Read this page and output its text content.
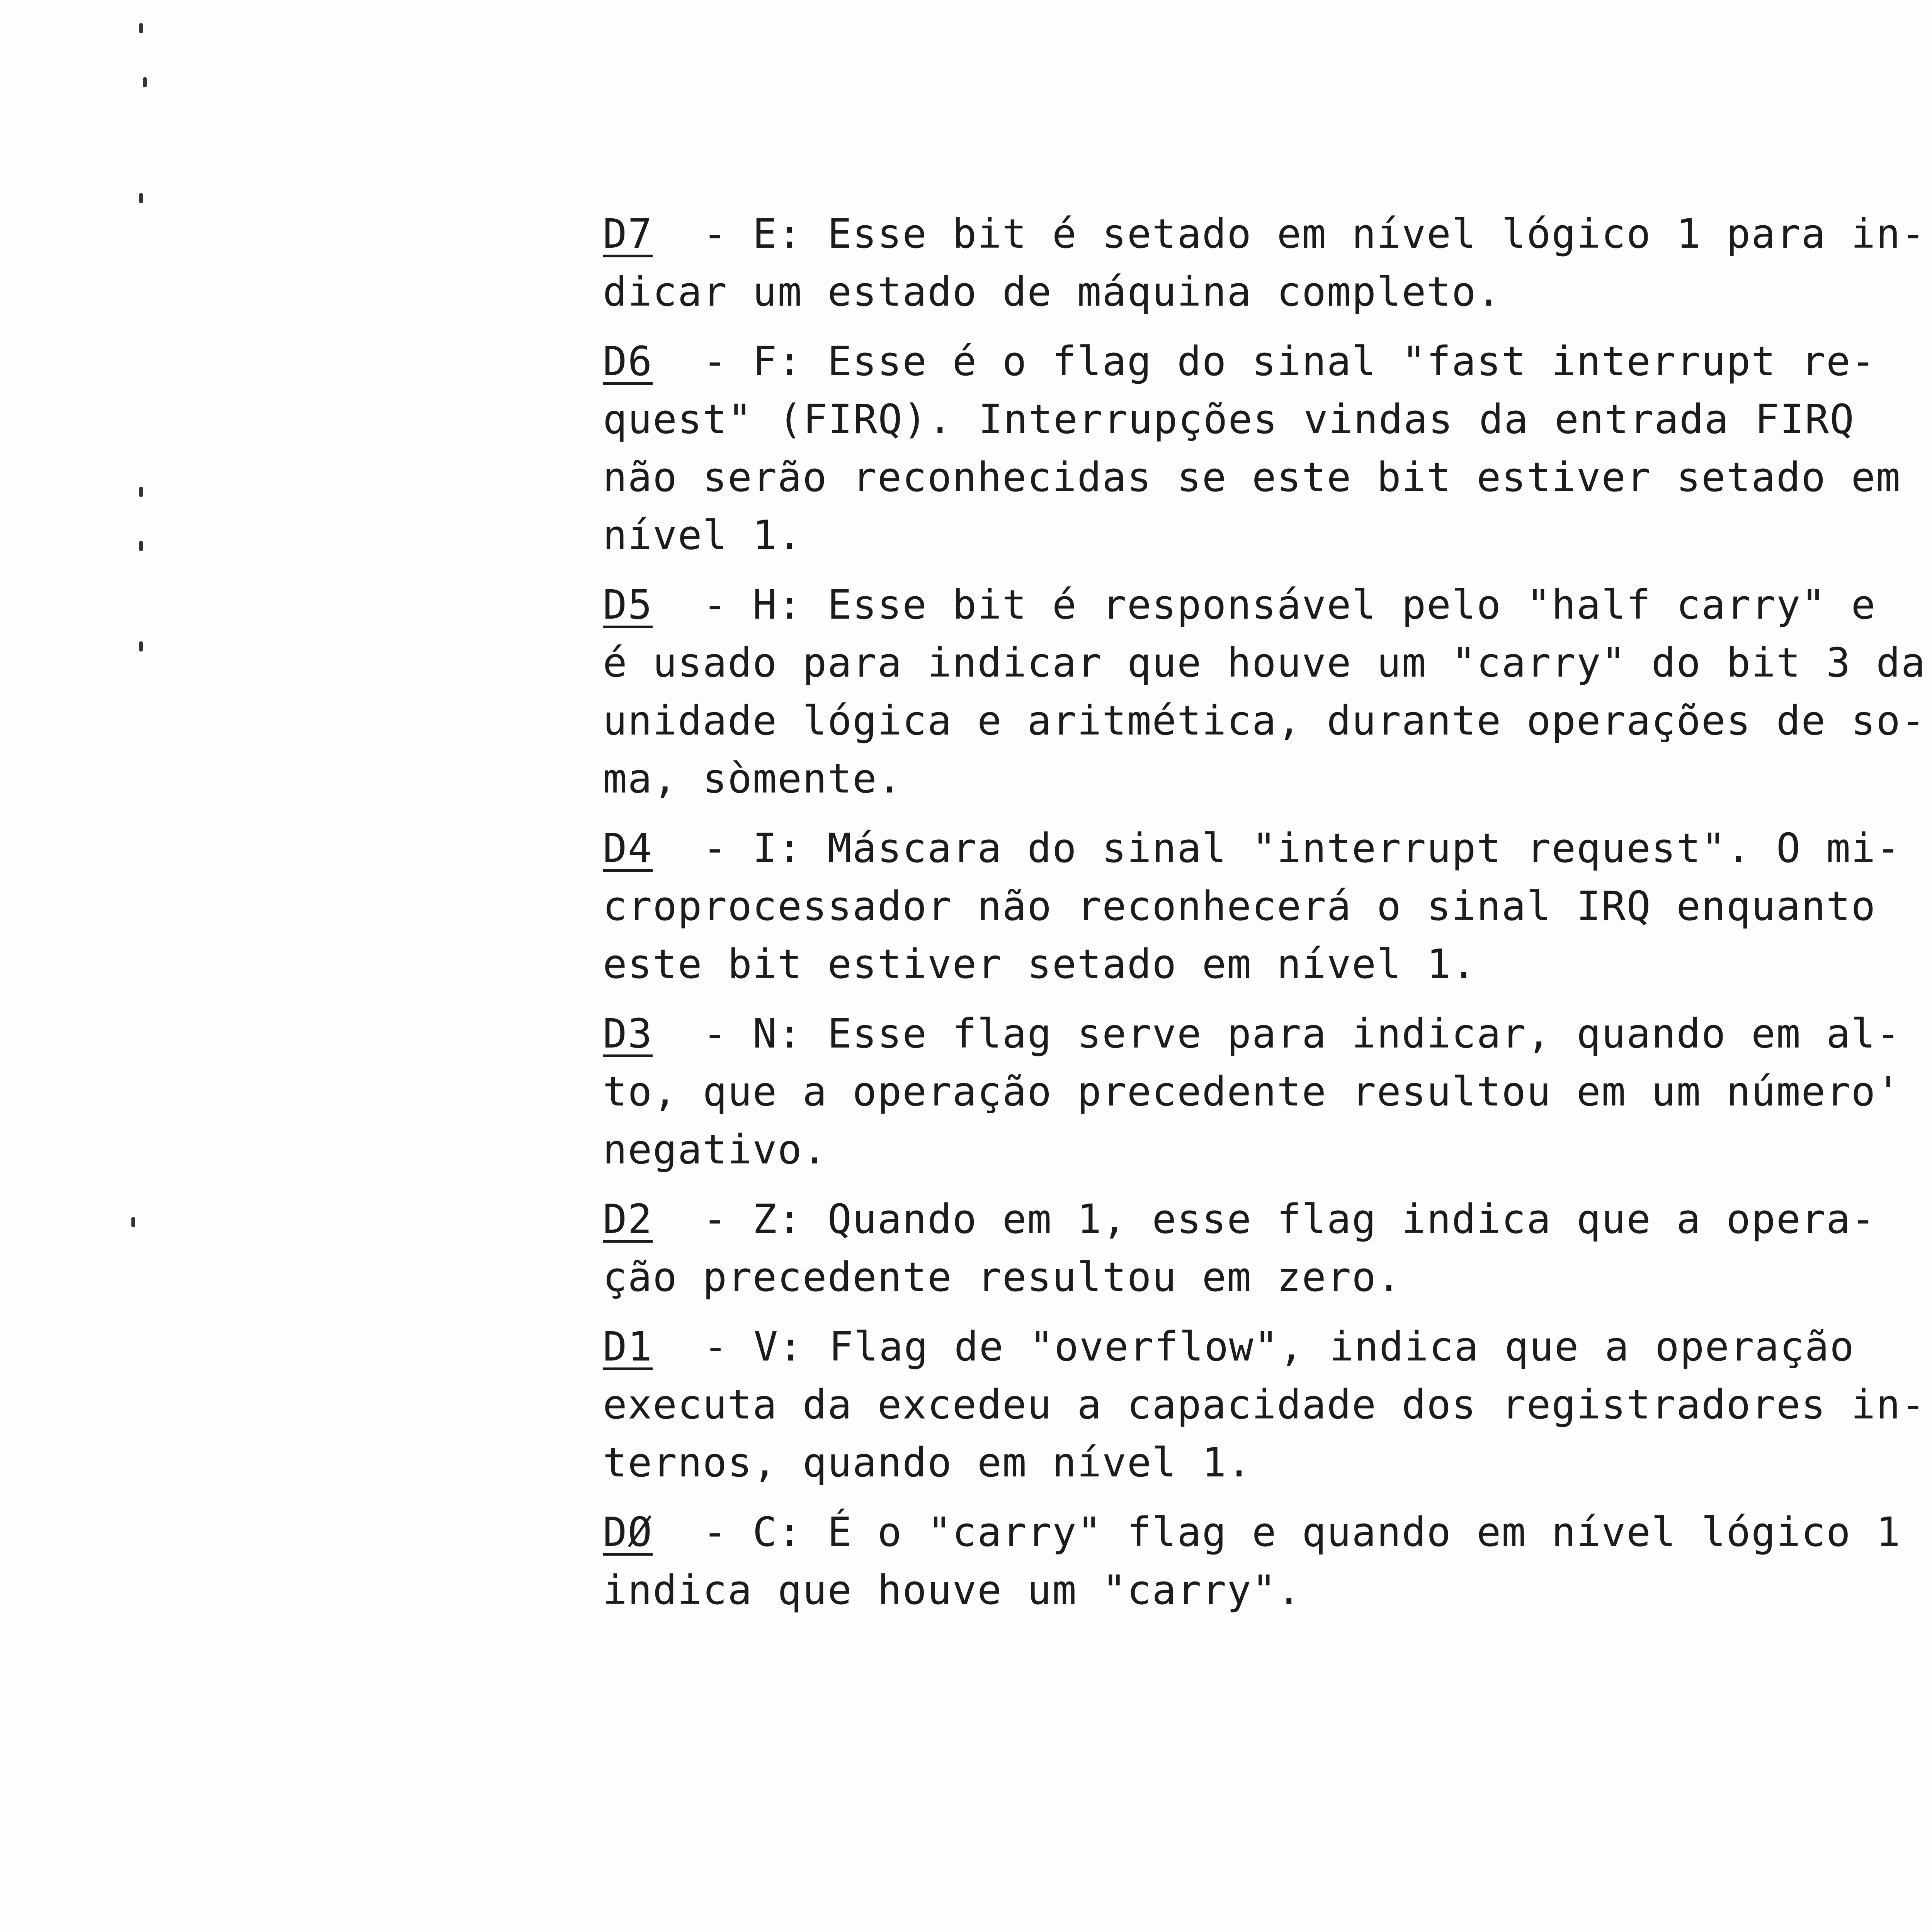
D7 - E: Esse bit é setado em nível lógico 1 para in-
dicar um estado de máquina completo.

D6 - F: Esse é o flag do sinal "fast interrupt re-
quest" (FIRQ). Interrupções vindas da entrada FIRQ
não serão reconhecidas se este bit estiver setado em
nível 1.

D5 - H: Esse bit é responsável pelo "half carry" e
é usado para indicar que houve um "carry" do bit 3 da
unidade lógica e aritmética, durante operações de so-
ma, sòmente.

D4 - I: Máscara do sinal "interrupt request". O mi-
croprocessador não reconhecerá o sinal IRQ enquanto
este bit estiver setado em nível 1.

D3 - N: Esse flag serve para indicar, quando em al-
to, que a operação precedente resultou em um número'
negativo.

D2 - Z: Quando em 1, esse flag indica que a opera-
ção precedente resultou em zero.

D1 - V: Flag de "overflow", indica que a operação
executa da excedeu a capacidade dos registradores in-
ternos, quando em nível 1.

DØ - C: É o "carry" flag e quando em nível lógico 1
indica que houve um "carry".
